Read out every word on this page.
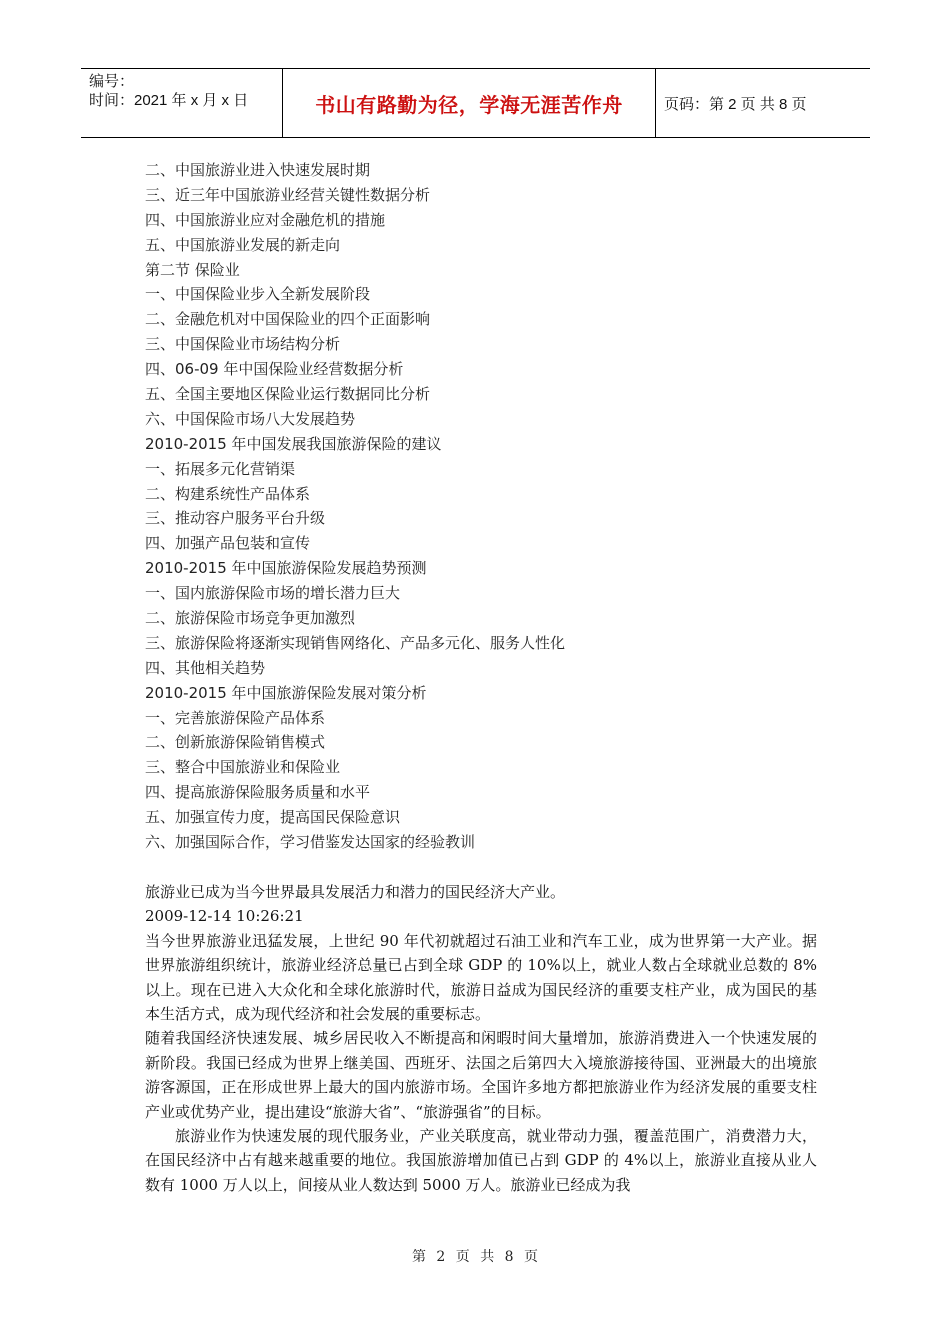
编号：
时间：2021 年 x 月 x 日	书山有路勤为径，学海无涯苦作舟	页码：第 2 页 共 8 页
二、中国旅游业进入快速发展时期
三、近三年中国旅游业经营关键性数据分析
四、中国旅游业应对金融危机的措施
五、中国旅游业发展的新走向
第二节 保险业
一、中国保险业步入全新发展阶段
二、金融危机对中国保险业的四个正面影响
三、中国保险业市场结构分析
四、06-09 年中国保险业经营数据分析
五、全国主要地区保险业运行数据同比分析
六、中国保险市场八大发展趋势
2010-2015 年中国发展我国旅游保险的建议
一、拓展多元化营销渠
二、构建系统性产品体系
三、推动容户服务平台升级
四、加强产品包装和宣传
2010-2015 年中国旅游保险发展趋势预测
一、国内旅游保险市场的增长潜力巨大
二、旅游保险市场竞争更加激烈
三、旅游保险将逐渐实现销售网络化、产品多元化、服务人性化
四、其他相关趋势
2010-2015 年中国旅游保险发展对策分析
一、完善旅游保险产品体系
二、创新旅游保险销售模式
三、整合中国旅游业和保险业
四、提高旅游保险服务质量和水平
五、加强宣传力度，提高国民保险意识
六、加强国际合作，学习借鉴发达国家的经验教训

旅游业已成为当今世界最具发展活力和潜力的国民经济大产业。

2009-12-14 10:26:21

当今世界旅游业迅猛发展，上世纪 90 年代初就超过石油工业和汽车工业，成为世界第一大产业。据世界旅游组织统计，旅游业经济总量已占到全球 GDP 的 10%以上，就业人数占全球就业总数的 8%以上。现在已进入大众化和全球化旅游时代，旅游日益成为国民经济的重要支柱产业，成为国民的基本生活方式，成为现代经济和社会发展的重要标志。

随着我国经济快速发展、城乡居民收入不断提高和闲暇时间大量增加，旅游消费进入一个快速发展的新阶段。我国已经成为世界上继美国、西班牙、法国之后第四大入境旅游接待国、亚洲最大的出境旅游客源国，正在形成世界上最大的国内旅游市场。全国许多地方都把旅游业作为经济发展的重要支柱产业或优势产业，提出建设“旅游大省”、“旅游强省”的目标。

旅游业作为快速发展的现代服务业，产业关联度高，就业带动力强，覆盖范围广，消费潜力大，在国民经济中占有越来越重要的地位。我国旅游增加值已占到 GDP 的 4%以上，旅游业直接从业人数有 1000 万人以上，间接从业人数达到 5000 万人。旅游业已经成为我

第 2 页 共 8 页
